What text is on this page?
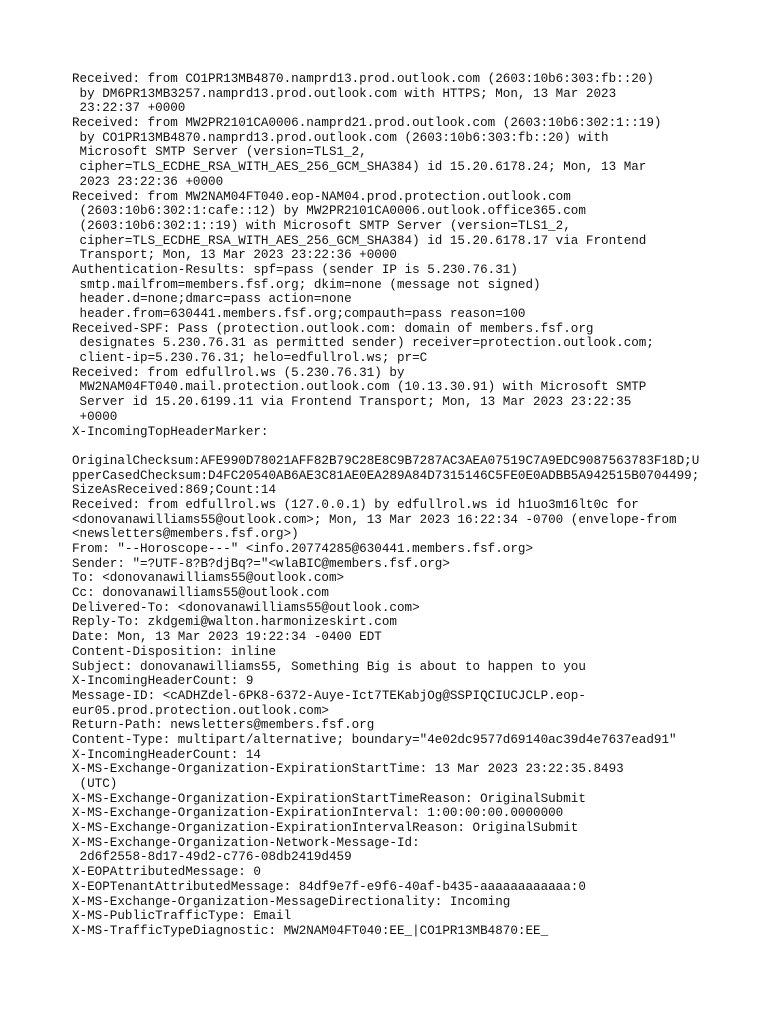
Received: from CO1PR13MB4870.namprd13.prod.outlook.com (2603:10b6:303:fb::20)
by DM6PR13MB3257.namprd13.prod.outlook.com with HTTPS; Mon, 13 Mar 2023
23:22:37 +0000
Received: from MW2PR2101CA0006.namprd21.prod.outlook.com (2603:10b6:302:1::19)
by CO1PR13MB4870.namprd13.prod.outlook.com (2603:10b6:303:fb::20) with
Microsoft SMTP Server (version=TLS1_2,
cipher=TLS_ECDHE_RSA_WITH_AES_256_GCM_SHA384) id 15.20.6178.24; Mon, 13 Mar
2023 23:22:36 +0000
Received: from MW2NAM04FT040.eop-NAM04.prod.protection.outlook.com
(2603:10b6:302:1:cafe::12) by MW2PR2101CA0006.outlook.office365.com
(2603:10b6:302:1::19) with Microsoft SMTP Server (version=TLS1_2,
cipher=TLS_ECDHE_RSA_WITH_AES_256_GCM_SHA384) id 15.20.6178.17 via Frontend
Transport; Mon, 13 Mar 2023 23:22:36 +0000
Authentication-Results: spf=pass (sender IP is 5.230.76.31)
smtp.mailfrom=members.fsf.org; dkim=none (message not signed)
header.d=none;dmarc=pass action=none
header.from=630441.members.fsf.org;compauth=pass reason=100
Received-SPF: Pass (protection.outlook.com: domain of members.fsf.org
designates 5.230.76.31 as permitted sender) receiver=protection.outlook.com;
client-ip=5.230.76.31; helo=edfullrol.ws; pr=C
Received: from edfullrol.ws (5.230.76.31) by
MW2NAM04FT040.mail.protection.outlook.com (10.13.30.91) with Microsoft SMTP
Server id 15.20.6199.11 via Frontend Transport; Mon, 13 Mar 2023 23:22:35
+0000
X-IncomingTopHeaderMarker:
OriginalChecksum:AFE990D78021AFF82B79C28E8C9B7287AC3AEA07519C7A9EDC9087563783F18D;U
pperCasedChecksum:D4FC20540AB6AE3C81AE0EA289A84D7315146C5FE0E0ADBB5A942515B0704499;
SizeAsReceived:869;Count:14
Received: from edfullrol.ws (127.0.0.1) by edfullrol.ws id h1uo3m16lt0c for
<donovanawilliams55@outlook.com>; Mon, 13 Mar 2023 16:22:34 -0700 (envelope-from
<newsletters@members.fsf.org>)
From: "--Horoscope---" <info.20774285@630441.members.fsf.org>
Sender: "=?UTF-8?B?djBq?="<wlaBIC@members.fsf.org>
To: <donovanawilliams55@outlook.com>
Cc: donovanawilliams55@outlook.com
Delivered-To: <donovanawilliams55@outlook.com>
Reply-To: zkdgemi@walton.harmonizeskirt.com
Date: Mon, 13 Mar 2023 19:22:34 -0400 EDT
Content-Disposition: inline
Subject: donovanawilliams55, Something Big is about to happen to you
X-IncomingHeaderCount: 9
Message-ID: <cADHZdel-6PK8-6372-Auye-Ict7TEKabjOg@SSPIQCIUCJCLP.eop-
eur05.prod.protection.outlook.com>
Return-Path: newsletters@members.fsf.org
Content-Type: multipart/alternative; boundary="4e02dc9577d69140ac39d4e7637ead91"
X-IncomingHeaderCount: 14
X-MS-Exchange-Organization-ExpirationStartTime: 13 Mar 2023 23:22:35.8493
(UTC)
X-MS-Exchange-Organization-ExpirationStartTimeReason: OriginalSubmit
X-MS-Exchange-Organization-ExpirationInterval: 1:00:00:00.0000000
X-MS-Exchange-Organization-ExpirationIntervalReason: OriginalSubmit
X-MS-Exchange-Organization-Network-Message-Id:
2d6f2558-8d17-49d2-c776-08db2419d459
X-EOPAttributedMessage: 0
X-EOPTenantAttributedMessage: 84df9e7f-e9f6-40af-b435-aaaaaaaaaaaa:0
X-MS-Exchange-Organization-MessageDirectionality: Incoming
X-MS-PublicTrafficType: Email
X-MS-TrafficTypeDiagnostic: MW2NAM04FT040:EE_|CO1PR13MB4870:EE_
